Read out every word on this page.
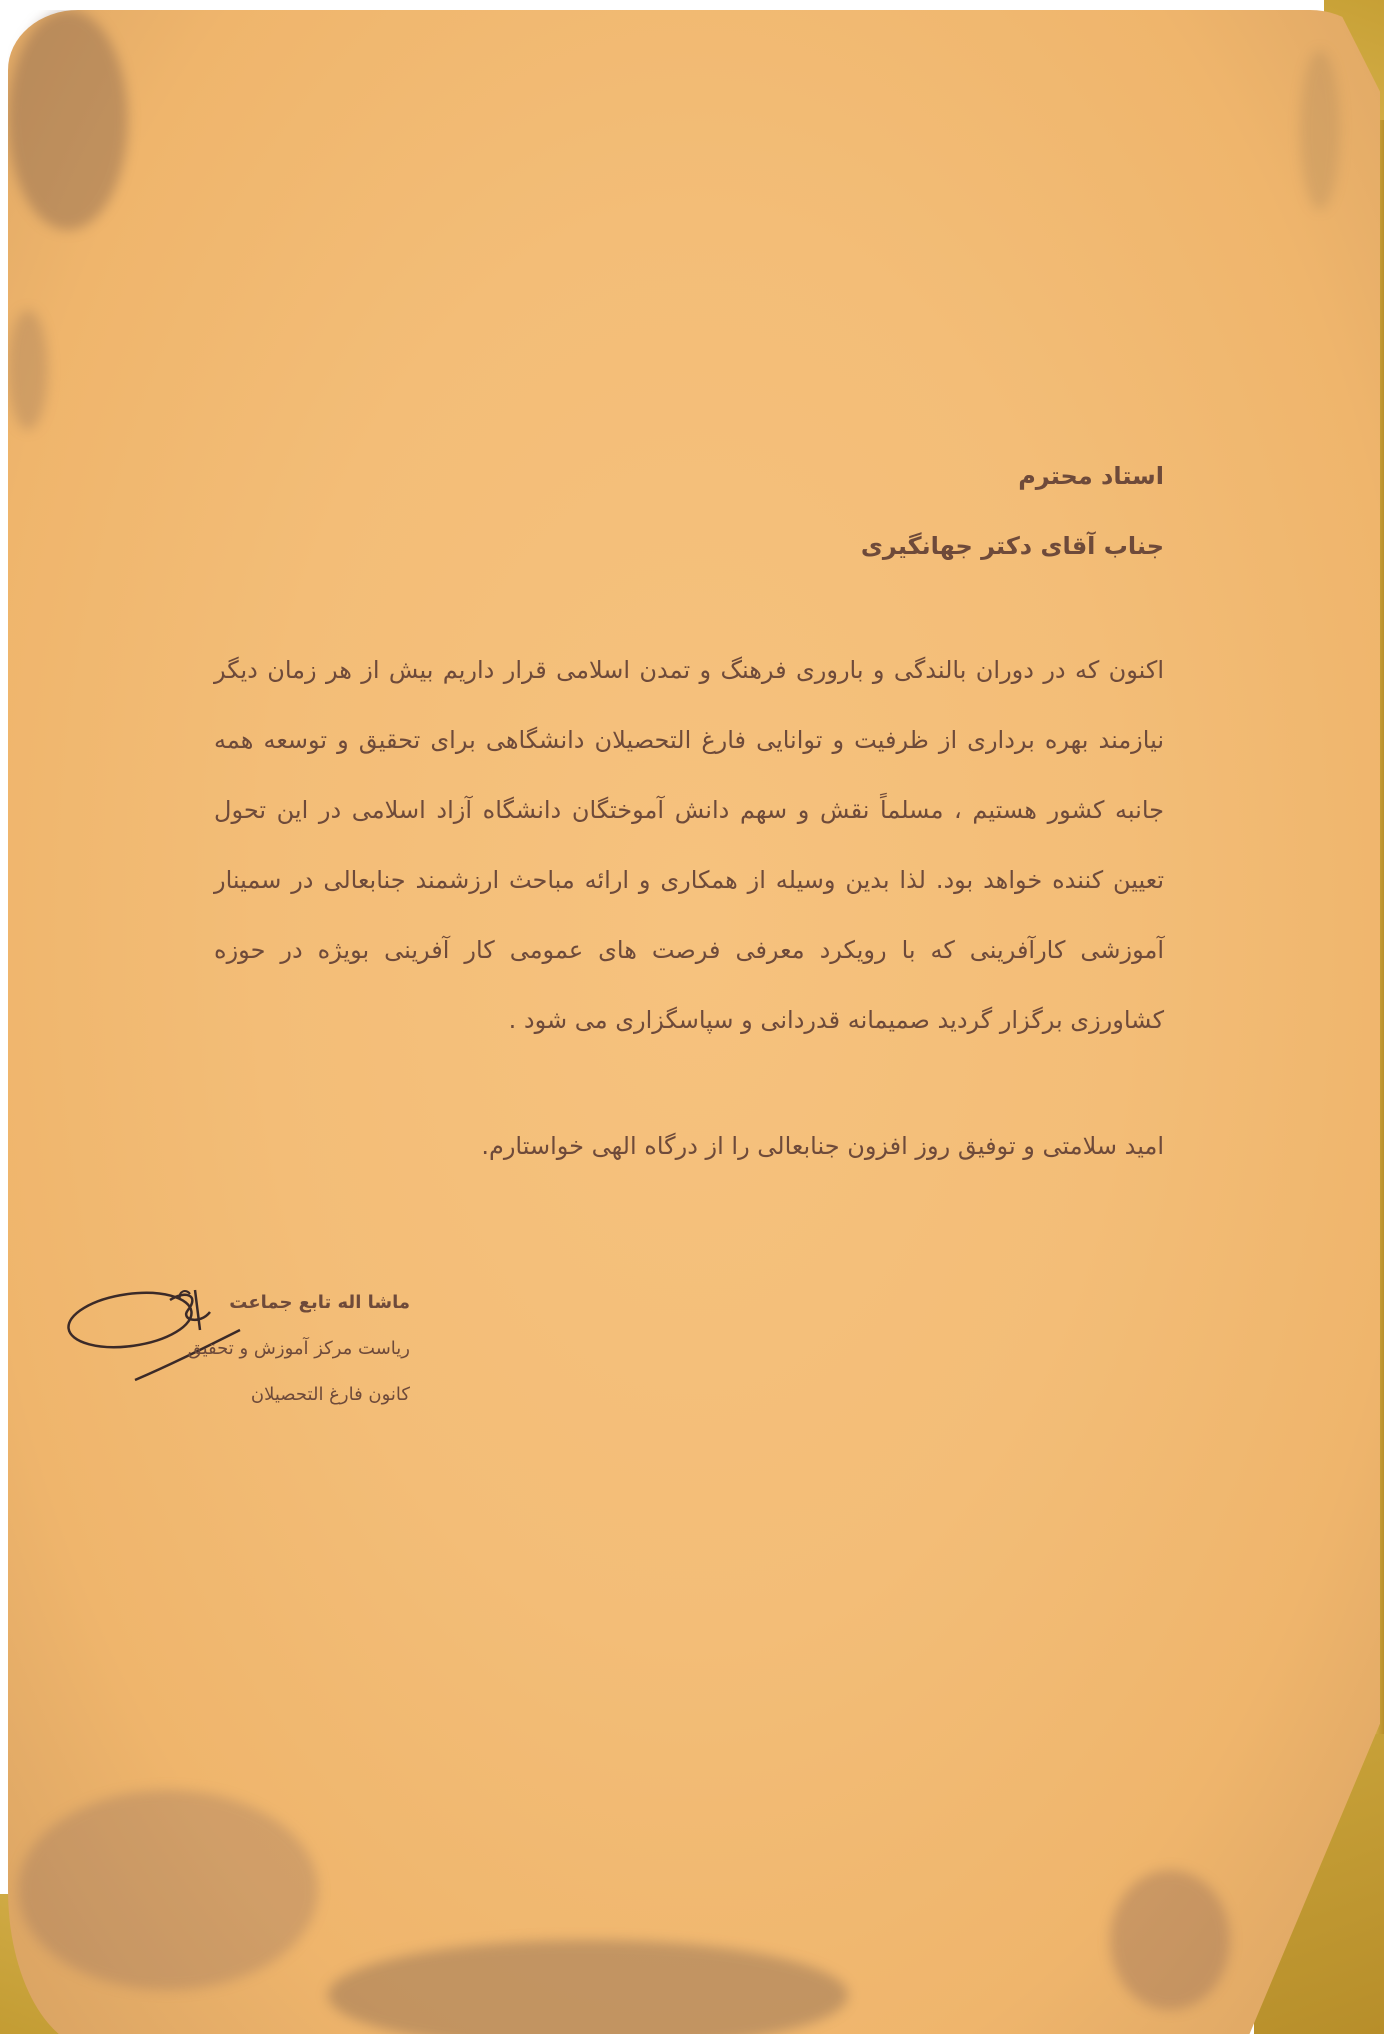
استاد محترم
جناب آقای دکتر جهانگیری
اکنون که در دوران بالندگی و باروری فرهنگ و تمدن اسلامی قرار داریم بیش از هر زمان دیگر نیازمند بهره برداری از ظرفیت و توانایی فارغ التحصیلان دانشگاهی برای تحقیق و توسعه همه جانبه کشور هستیم ، مسلماً نقش و سهم دانش آموختگان دانشگاه آزاد اسلامی در این تحول تعیین کننده خواهد بود. لذا بدین وسیله از همکاری و ارائه مباحث ارزشمند جنابعالی در سمینار آموزشی کارآفرینی که با رویکرد معرفی فرصت های عمومی کار آفرینی بویژه در حوزه کشاورزی برگزار گردید صمیمانه قدردانی و سپاسگزاری می شود .
امید سلامتی و توفیق روز افزون جنابعالی را از درگاه الهی خواستارم.
ماشا اله تابع جماعت
ریاست مرکز آموزش و تحقیق
کانون فارغ التحصیلان
